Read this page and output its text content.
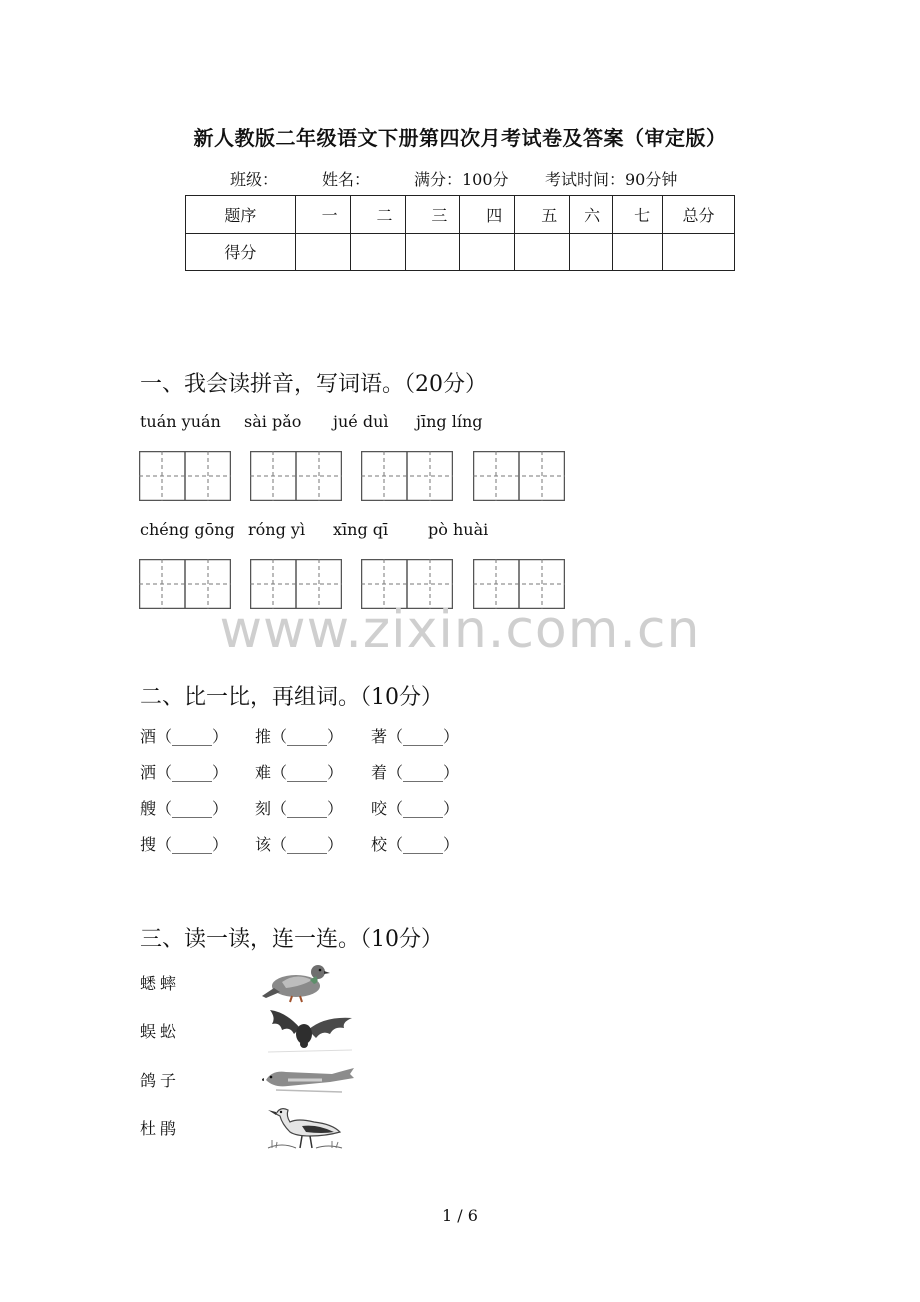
新人教版二年级语文下册第四次月考试卷及答案（审定版）
班级：	姓名：	满分：100分 考试时间：90分钟
题序	一	二	三	四	五	六	七	总分
得分								
一、我会读拼音，写词语。（20分）
tuán yuán sài pǎo jué duì jīng líng
chéng gōng róng yì xīng qī pò huài
www.zixin.com.cn
二、比一比，再组词。（10分）
酒（_____） 推（_____） 著（_____）
洒（_____） 难（_____） 着（_____）
艘（_____） 刻（_____） 咬（_____）
搜（_____） 该（_____） 校（_____）
三、读一读，连一连。（10分）
蟋蟀
蜈蚣
鸽子
杜鹃
1 / 6
